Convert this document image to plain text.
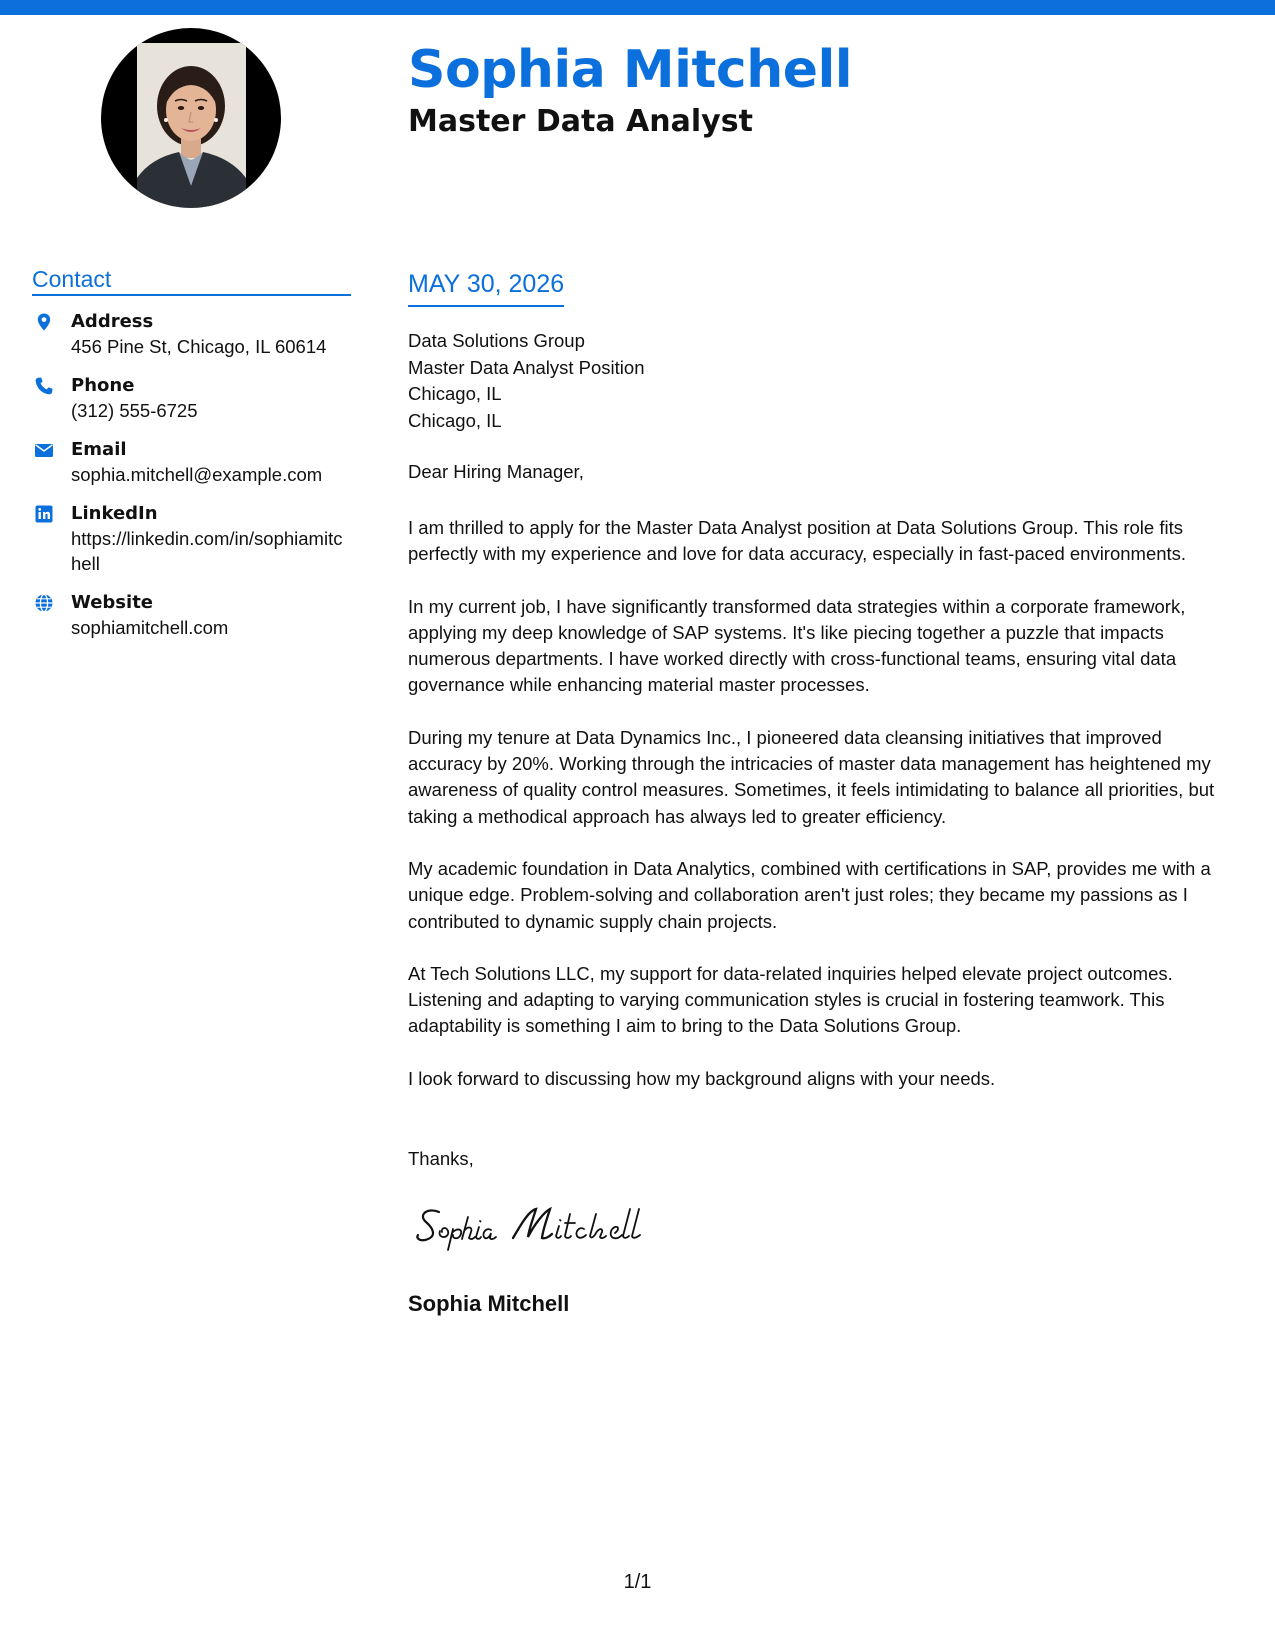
Sophia Mitchell
Master Data Analyst
Contact
Address
456 Pine St, Chicago, IL 60614
Phone
(312) 555-6725
Email
sophia.mitchell@example.com
LinkedIn
https://linkedin.com/in/sophiamitchell
Website
sophiamitchell.com
MAY 30, 2026
Data Solutions Group
Master Data Analyst Position
Chicago, IL
Chicago, IL

Dear Hiring Manager,

I am thrilled to apply for the Master Data Analyst position at Data Solutions Group. This role fits perfectly with my experience and love for data accuracy, especially in fast-paced environments.

In my current job, I have significantly transformed data strategies within a corporate framework, applying my deep knowledge of SAP systems. It's like piecing together a puzzle that impacts numerous departments. I have worked directly with cross-functional teams, ensuring vital data governance while enhancing material master processes.

During my tenure at Data Dynamics Inc., I pioneered data cleansing initiatives that improved accuracy by 20%. Working through the intricacies of master data management has heightened my awareness of quality control measures. Sometimes, it feels intimidating to balance all priorities, but taking a methodical approach has always led to greater efficiency.

My academic foundation in Data Analytics, combined with certifications in SAP, provides me with a unique edge. Problem-solving and collaboration aren't just roles; they became my passions as I contributed to dynamic supply chain projects.

At Tech Solutions LLC, my support for data-related inquiries helped elevate project outcomes. Listening and adapting to varying communication styles is crucial in fostering teamwork. This adaptability is something I aim to bring to the Data Solutions Group.

I look forward to discussing how my background aligns with your needs.

Thanks,

Sophia Mitchell

1/1
